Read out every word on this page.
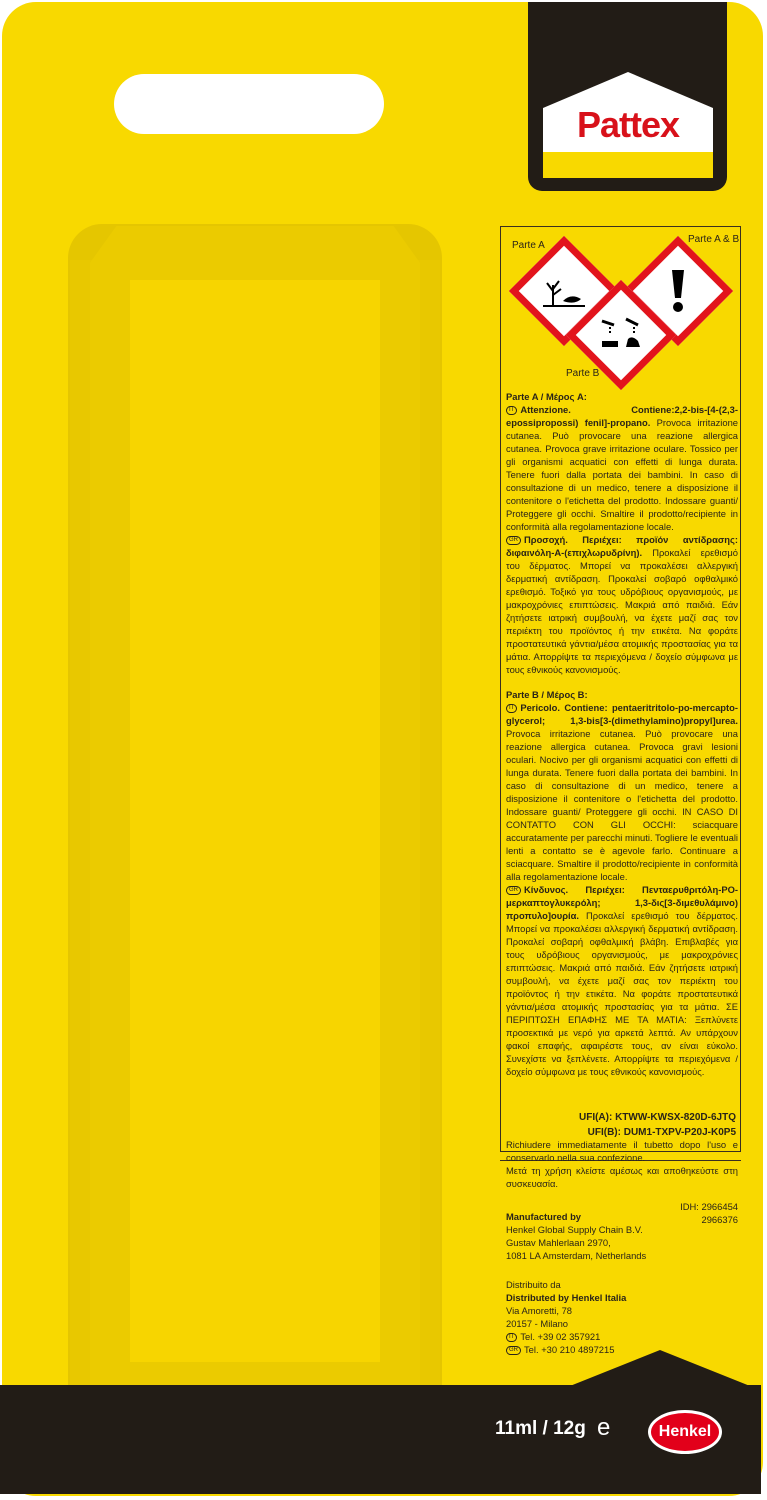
Pattex
Parte A
Parte A & B
Parte B
Parte A / Μέρος A:
IT Attenzione. Contiene:2,2-bis-[4-(2,3-epossipropossi) fenil]-propano. Provoca irritazione cutanea. Può provocare una reazione allergica cutanea. Provoca grave irritazione oculare. Tossico per gli organismi acquatici con effetti di lunga durata. Tenere fuori dalla portata dei bambini. In caso di consultazione di un medico, tenere a disposizione il contenitore o l'etichetta del prodotto. Indossare guanti/ Proteggere gli occhi. Smaltire il prodotto/recipiente in conformità alla regolamentazione locale.
GR Προσοχή. Περιέχει: προϊόν αντίδρασης: διφαινόλη-Α-(επιχλωρυδρίνη). Προκαλεί ερεθισμό του δέρματος. Μπορεί να προκαλέσει αλλεργική δερματική αντίδραση. Προκαλεί σοβαρό οφθαλμικό ερεθισμό. Τοξικό για τους υδρόβιους οργανισμούς, με μακροχρόνιες επιπτώσεις. Μακριά από παιδιά. Εάν ζητήσετε ιατρική συμβουλή, να έχετε μαζί σας τον περιέκτη του προϊόντος ή την ετικέτα. Να φοράτε προστατευτικά γάντια/μέσα ατομικής προστασίας για τα μάτια. Απορρίψτε τα περιεχόμενα / δοχείο σύμφωνα με τους εθνικούς κανονισμούς.
Parte B / Μέρος B:
IT Pericolo. Contiene: pentaeritritolo-po-mercapto-glycerol; 1,3-bis[3-(dimethylamino)propyl]urea. Provoca irritazione cutanea. Può provocare una reazione allergica cutanea. Provoca gravi lesioni oculari. Nocivo per gli organismi acquatici con effetti di lunga durata. Tenere fuori dalla portata dei bambini. In caso di consultazione di un medico, tenere a disposizione il contenitore o l'etichetta del prodotto. Indossare guanti/ Proteggere gli occhi. IN CASO DI CONTATTO CON GLI OCCHI: sciacquare accuratamente per parecchi minuti. Togliere le eventuali lenti a contatto se è agevole farlo. Continuare a sciacquare. Smaltire il prodotto/recipiente in conformità alla regolamentazione locale.
GR Κίνδυνος. Περιέχει: Πενταερυθριτόλη-PO-μερκαπτογλυκερόλη; 1,3-δις[3-διμεθυλάμινο) προπυλο]ουρία. Προκαλεί ερεθισμό του δέρματος. Μπορεί να προκαλέσει αλλεργική δερματική αντίδραση. Προκαλεί σοβαρή οφθαλμική βλάβη. Επιβλαβές για τους υδρόβιους οργανισμούς, με μακροχρόνιες επιπτώσεις. Μακριά από παιδιά. Εάν ζητήσετε ιατρική συμβουλή, να έχετε μαζί σας τον περιέκτη του προϊόντος ή την ετικέτα. Να φοράτε προστατευτικά γάντια/μέσα ατομικής προστασίας για τα μάτια. ΣΕ ΠΕΡΙΠΤΩΣΗ ΕΠΑΦΗΣ ΜΕ ΤΑ ΜΑΤΙΑ: Ξεπλύνετε προσεκτικά με νερό για αρκετά λεπτά. Αν υπάρχουν φακοί επαφής, αφαιρέστε τους, αν είναι εύκολο. Συνεχίστε να ξεπλένετε. Απορρίψτε τα περιεχόμενα / δοχείο σύμφωνα με τους εθνικούς κανονισμούς.
UFI(A): KTWW-KWSX-820D-6JTQ
UFI(B): DUM1-TXPV-P20J-K0P5
Richiudere immediatamente il tubetto dopo l'uso e conservarlo nella sua confezione.
Μετά τη χρήση κλείστε αμέσως και αποθηκεύστε στη συσκευασία.
IDH: 2966454
2966376
Manufactured by
Henkel Global Supply Chain B.V.
Gustav Mahlerlaan 2970,
1081 LA Amsterdam, Netherlands
Distribuito da
Distributed by Henkel Italia
Via Amoretti, 78
20157 - Milano
IT Tel. +39 02 357921
GR Tel. +30 210 4897215
11ml / 12g e	Henkel
